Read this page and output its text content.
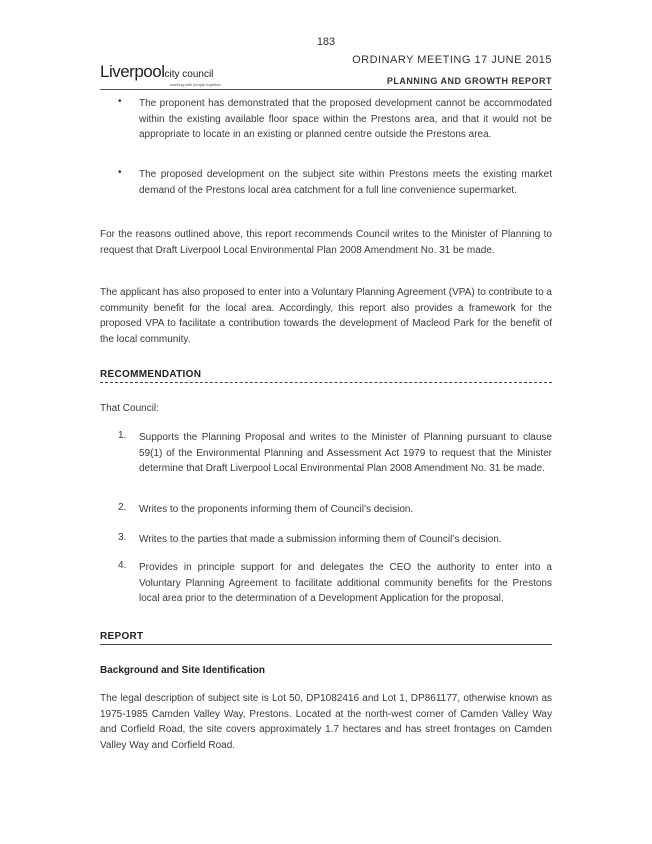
183
Liverpoolcity council
working with people together
ORDINARY MEETING 17 JUNE 2015
PLANNING AND GROWTH REPORT
• The proponent has demonstrated that the proposed development cannot be accommodated within the existing available floor space within the Prestons area, and that it would not be appropriate to locate in an existing or planned centre outside the Prestons area.
• The proposed development on the subject site within Prestons meets the existing market demand of the Prestons local area catchment for a full line convenience supermarket.
For the reasons outlined above, this report recommends Council writes to the Minister of Planning to request that Draft Liverpool Local Environmental Plan 2008 Amendment No. 31 be made.
The applicant has also proposed to enter into a Voluntary Planning Agreement (VPA) to contribute to a community benefit for the local area. Accordingly, this report also provides a framework for the proposed VPA to facilitate a contribution towards the development of Macleod Park for the benefit of the local community.
RECOMMENDATION
That Council:
1. Supports the Planning Proposal and writes to the Minister of Planning pursuant to clause 59(1) of the Environmental Planning and Assessment Act 1979 to request that the Minister determine that Draft Liverpool Local Environmental Plan 2008 Amendment No. 31 be made.
2. Writes to the proponents informing them of Council’s decision.
3. Writes to the parties that made a submission informing them of Council’s decision.
4. Provides in principle support for and delegates the CEO the authority to enter into a Voluntary Planning Agreement to facilitate additional community benefits for the Prestons local area prior to the determination of a Development Application for the proposal.
REPORT
Background and Site Identification
The legal description of subject site is Lot 50, DP1082416 and Lot 1, DP861177, otherwise known as 1975-1985 Camden Valley Way, Prestons. Located at the north-west corner of Camden Valley Way and Corfield Road, the site covers approximately 1.7 hectares and has street frontages on Camden Valley Way and Corfield Road.
